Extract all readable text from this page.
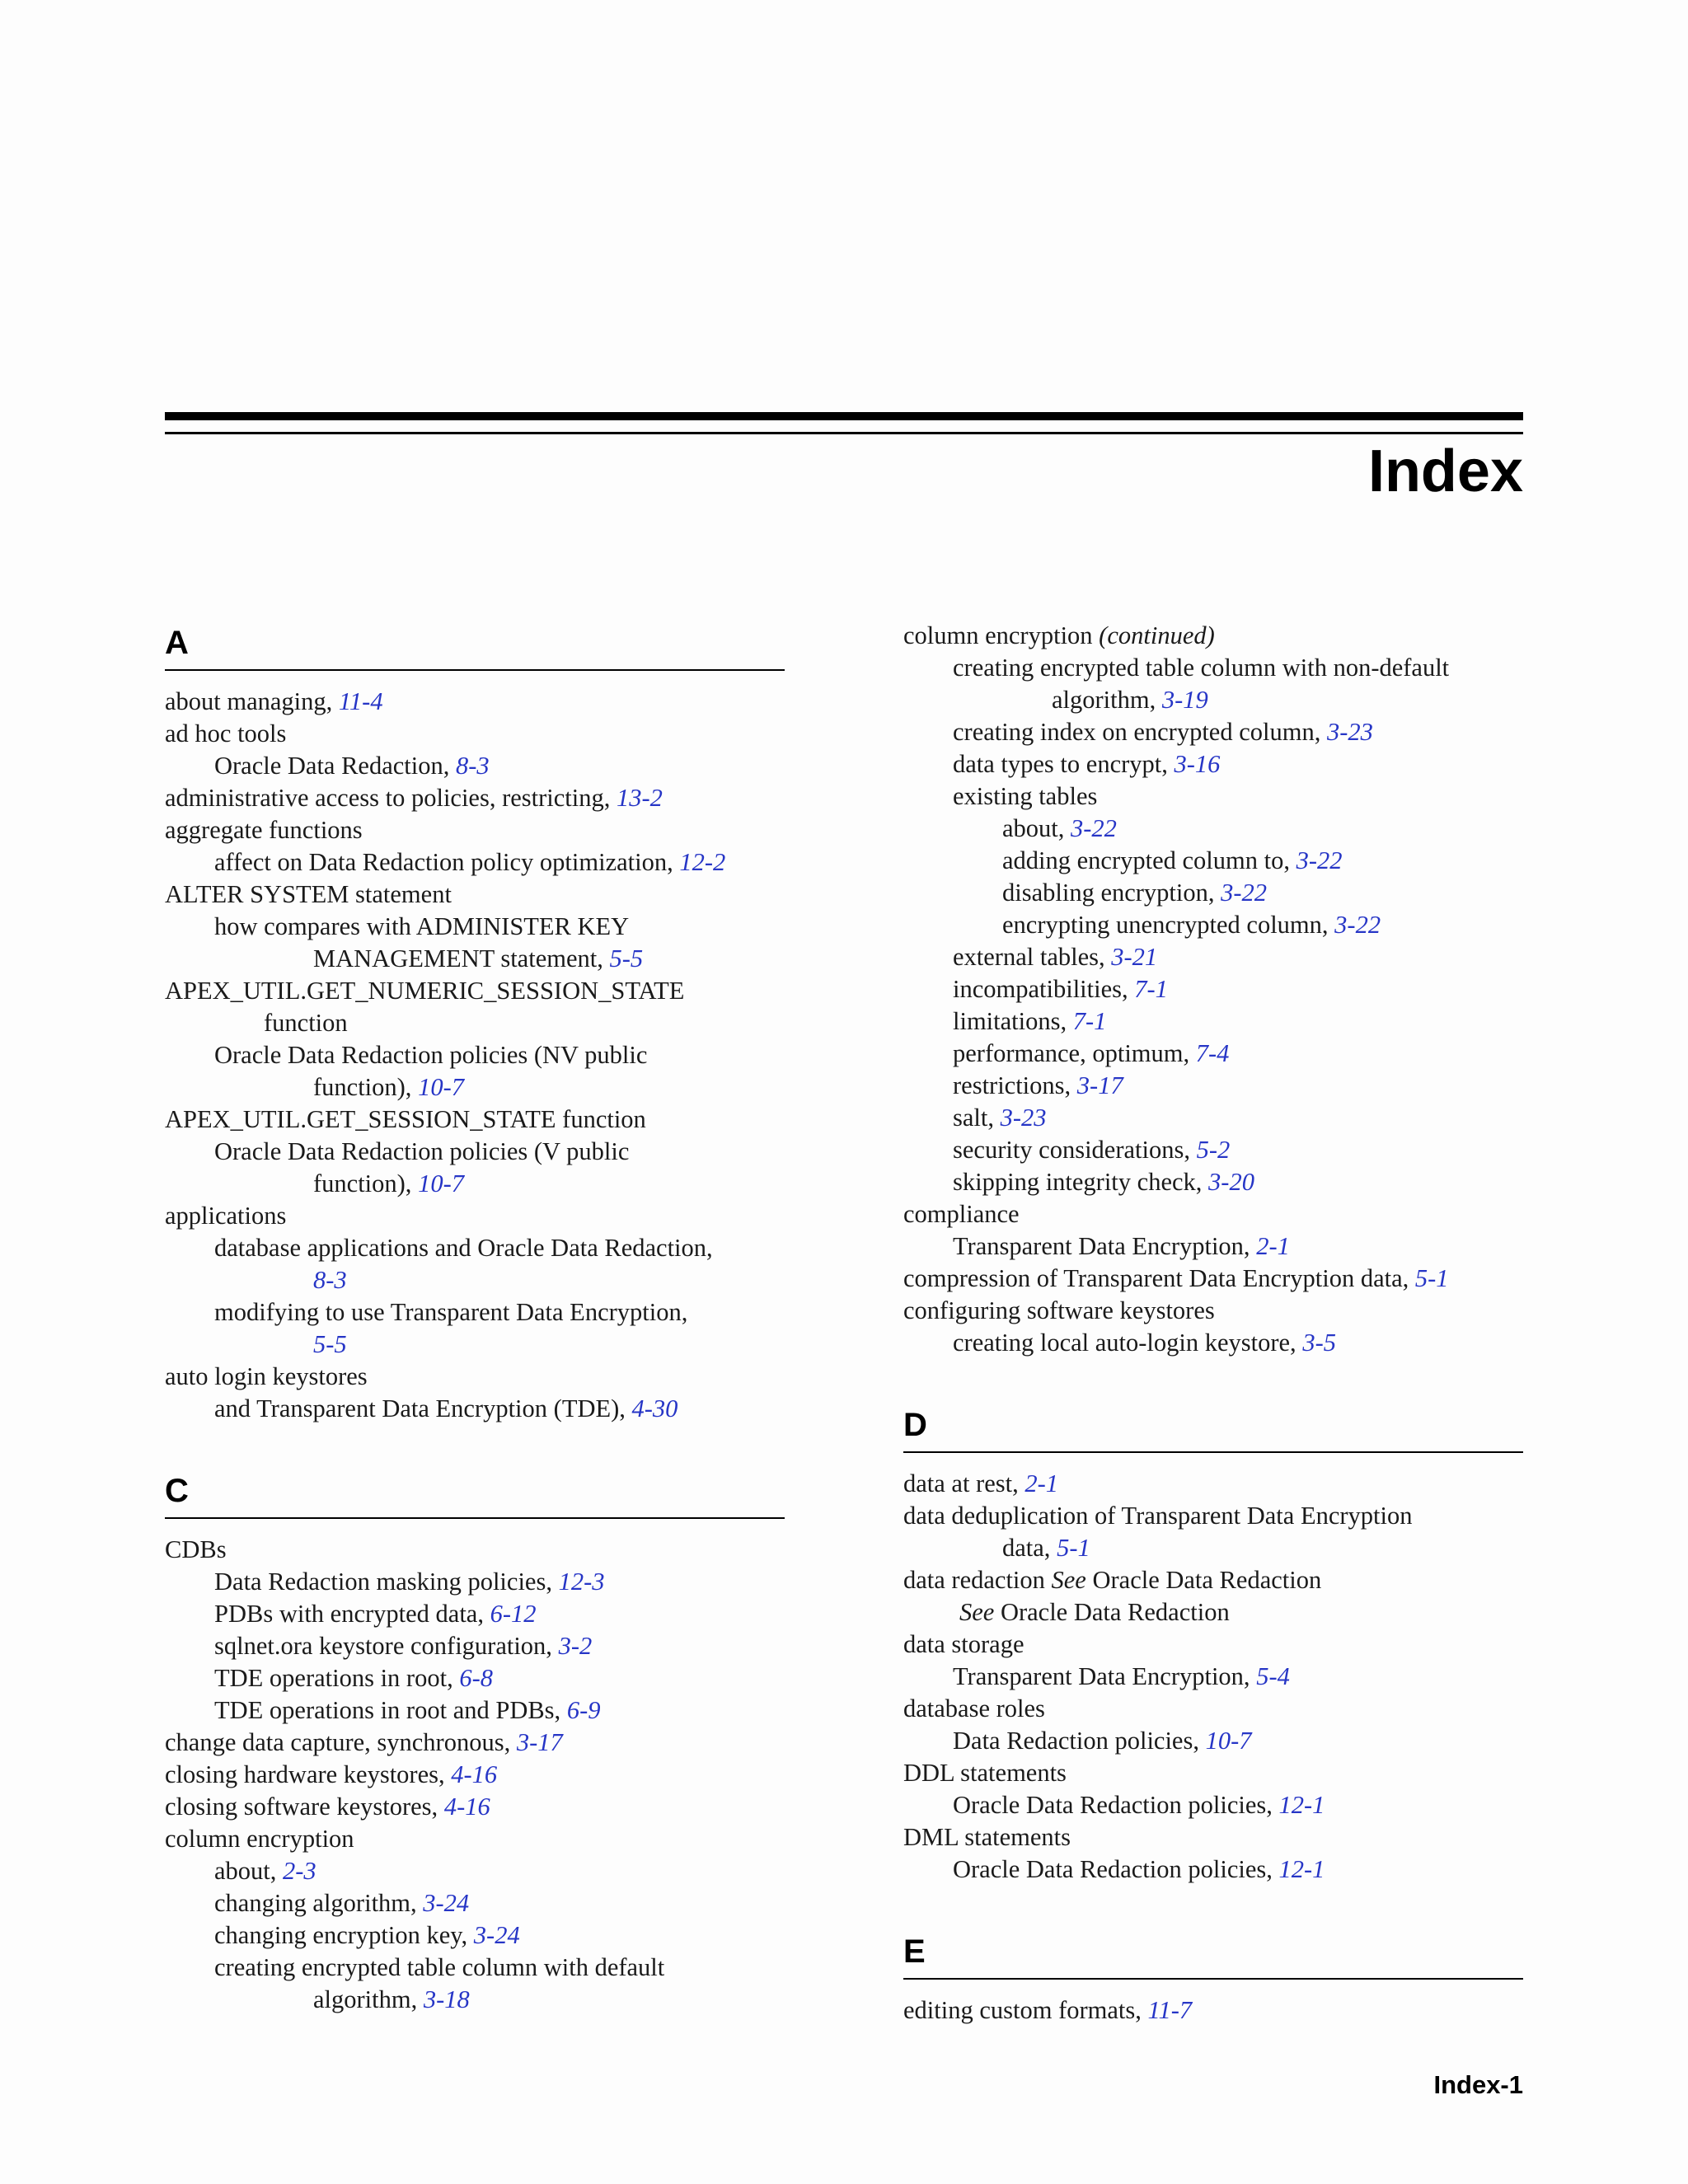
Index
A
about managing, 11-4
ad hoc tools
Oracle Data Redaction, 8-3
administrative access to policies, restricting, 13-2
aggregate functions
affect on Data Redaction policy optimization, 12-2
ALTER SYSTEM statement
how compares with ADMINISTER KEY
MANAGEMENT statement, 5-5
APEX_UTIL.GET_NUMERIC_SESSION_STATE
function
Oracle Data Redaction policies (NV public
function), 10-7
APEX_UTIL.GET_SESSION_STATE function
Oracle Data Redaction policies (V public
function), 10-7
applications
database applications and Oracle Data Redaction,
8-3
modifying to use Transparent Data Encryption,
5-5
auto login keystores
and Transparent Data Encryption (TDE), 4-30
C
CDBs
Data Redaction masking policies, 12-3
PDBs with encrypted data, 6-12
sqlnet.ora keystore configuration, 3-2
TDE operations in root, 6-8
TDE operations in root and PDBs, 6-9
change data capture, synchronous, 3-17
closing hardware keystores, 4-16
closing software keystores, 4-16
column encryption
about, 2-3
changing algorithm, 3-24
changing encryption key, 3-24
creating encrypted table column with default
algorithm, 3-18
column encryption (continued)
creating encrypted table column with non-default
algorithm, 3-19
creating index on encrypted column, 3-23
data types to encrypt, 3-16
existing tables
about, 3-22
adding encrypted column to, 3-22
disabling encryption, 3-22
encrypting unencrypted column, 3-22
external tables, 3-21
incompatibilities, 7-1
limitations, 7-1
performance, optimum, 7-4
restrictions, 3-17
salt, 3-23
security considerations, 5-2
skipping integrity check, 3-20
compliance
Transparent Data Encryption, 2-1
compression of Transparent Data Encryption data, 5-1
configuring software keystores
creating local auto-login keystore, 3-5
D
data at rest, 2-1
data deduplication of Transparent Data Encryption
data, 5-1
data redaction See Oracle Data Redaction
See Oracle Data Redaction
data storage
Transparent Data Encryption, 5-4
database roles
Data Redaction policies, 10-7
DDL statements
Oracle Data Redaction policies, 12-1
DML statements
Oracle Data Redaction policies, 12-1
E
editing custom formats, 11-7
Index-1
